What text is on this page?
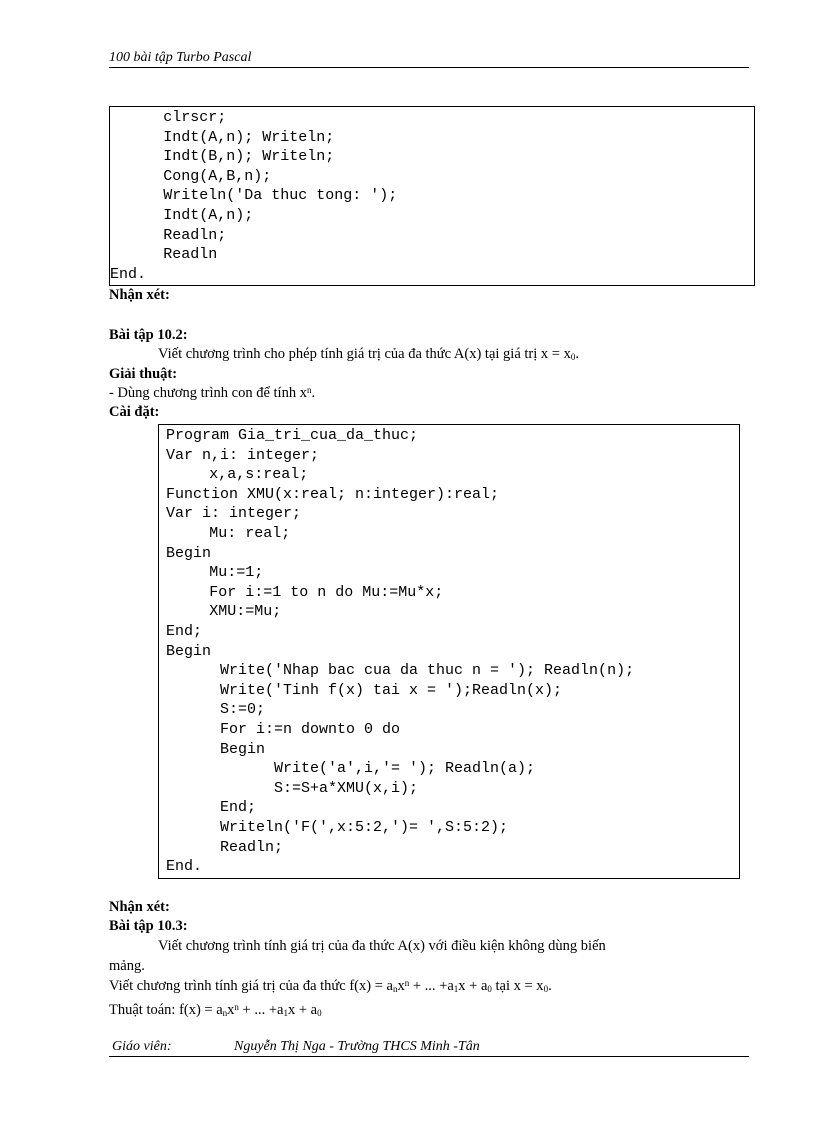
100 bài tập Turbo Pascal
clrscr;
Indt(A,n); Writeln;
Indt(B,n); Writeln;
Cong(A,B,n);
Writeln('Da thuc tong: ');
Indt(A,n);
Readln;
Readln
End.
Nhận xét:
Bài tập 10.2:
Viết chương trình cho phép tính giá trị của đa thức A(x) tại giá trị $x = x_0$.
Giải thuật:
- Dùng chương trình con để tính $x^n$.
Cài đặt:
Program Gia_tri_cua_da_thuc;
Var n,i: integer;
x,a,s:real;
Function XMU(x:real; n:integer):real;
Var i: integer;
Mu: real;
Begin
Mu:=1;
For i:=1 to n do Mu:=Mu*x;
XMU:=Mu;
End;
Begin
Write('Nhap bac cua da thuc n = '); Readln(n);
Write('Tinh f(x) tai x = ');Readln(x);
S:=0;
For i:=n downto 0 do
Begin
Write('a',i,'= '); Readln(a);
S:=S+a*XMU(x,i);
End;
Writeln('F(',x:5:2,')= ',S:5:2);
Readln;
End.
Nhận xét:
Bài tập 10.3:
Viết chương trình tính giá trị của đa thức A(x) với điều kiện không dùng biến
mảng.
Viết chương trình tính giá trị của đa thức $f(x) = a_nx^n$ + ... $+a_1x + a_0$ tại $x = x_0$.
Thuật toán: $f(x) = a_nx^n$ + ... $+a_1x + a_0$
Giáo viên:	Nguyễn Thị Nga - Trường THCS Minh -Tân
